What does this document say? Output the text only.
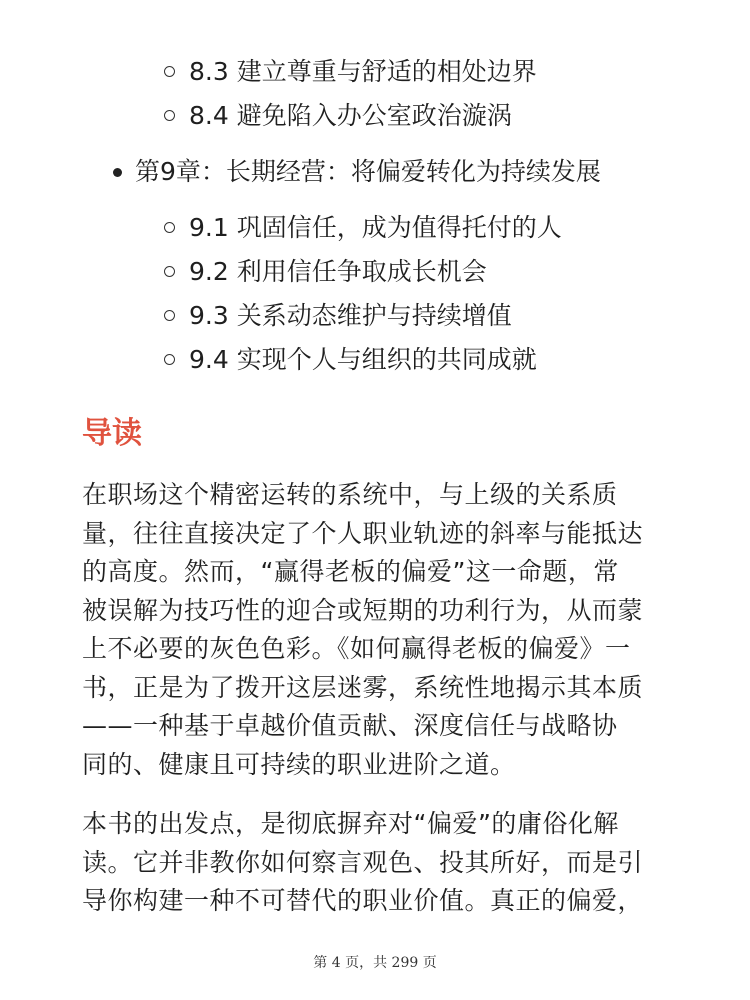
8.3 建立尊重与舒适的相处边界
8.4 避免陷入办公室政治漩涡
第9章：长期经营：将偏爱转化为持续发展
9.1 巩固信任，成为值得托付的人
9.2 利用信任争取成长机会
9.3 关系动态维护与持续增值
9.4 实现个人与组织的共同成就
导读

在职场这个精密运转的系统中，与上级的关系质
量，往往直接决定了个人职业轨迹的斜率与能抵达
的高度。然而，“赢得老板的偏爱”这一命题，常
被误解为技巧性的迎合或短期的功利行为，从而蒙
上不必要的灰色色彩。《如何赢得老板的偏爱》一
书，正是为了拨开这层迷雾，系统性地揭示其本质
——一种基于卓越价值贡献、深度信任与战略协
同的、健康且可持续的职业进阶之道。

本书的出发点，是彻底摒弃对“偏爱”的庸俗化解
读。它并非教你如何察言观色、投其所好，而是引
导你构建一种不可替代的职业价值。真正的偏爱，

第 4 页，共 299 页
